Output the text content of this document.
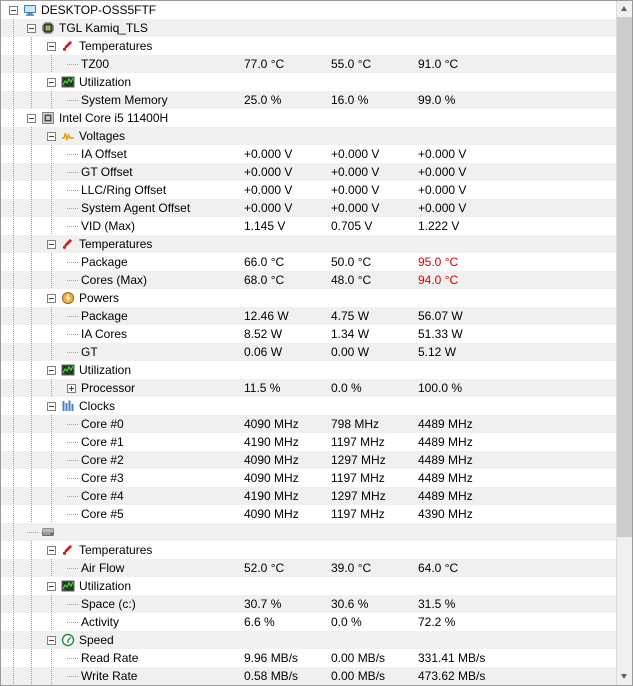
DESKTOP-OSS5FTF
TGL Kamiq_TLS
Temperatures
TZ00	77.0 °C	55.0 °C	91.0 °C
Utilization
System Memory	25.0 %	16.0 %	99.0 %
Intel Core i5 11400H
Voltages
IA Offset	+0.000 V	+0.000 V	+0.000 V
GT Offset	+0.000 V	+0.000 V	+0.000 V
LLC/Ring Offset	+0.000 V	+0.000 V	+0.000 V
System Agent Offset	+0.000 V	+0.000 V	+0.000 V
VID (Max)	1.145 V	0.705 V	1.222 V
Temperatures
Package	66.0 °C	50.0 °C	95.0 °C
Cores (Max)	68.0 °C	48.0 °C	94.0 °C
Powers
Package	12.46 W	4.75 W	56.07 W
IA Cores	8.52 W	1.34 W	51.33 W
GT	0.06 W	0.00 W	5.12 W
Utilization
Processor	11.5 %	0.0 %	100.0 %
Clocks
Core #0	4090 MHz	798 MHz	4489 MHz
Core #1	4190 MHz	1197 MHz	4489 MHz
Core #2	4090 MHz	1297 MHz	4489 MHz
Core #3	4090 MHz	1197 MHz	4489 MHz
Core #4	4190 MHz	1297 MHz	4489 MHz
Core #5	4090 MHz	1197 MHz	4390 MHz
Temperatures
Air Flow	52.0 °C	39.0 °C	64.0 °C
Utilization
Space (c:)	30.7 %	30.6 %	31.5 %
Activity	6.6 %	0.0 %	72.2 %
Speed
Read Rate	9.96 MB/s	0.00 MB/s	331.41 MB/s
Write Rate	0.58 MB/s	0.00 MB/s	473.62 MB/s
